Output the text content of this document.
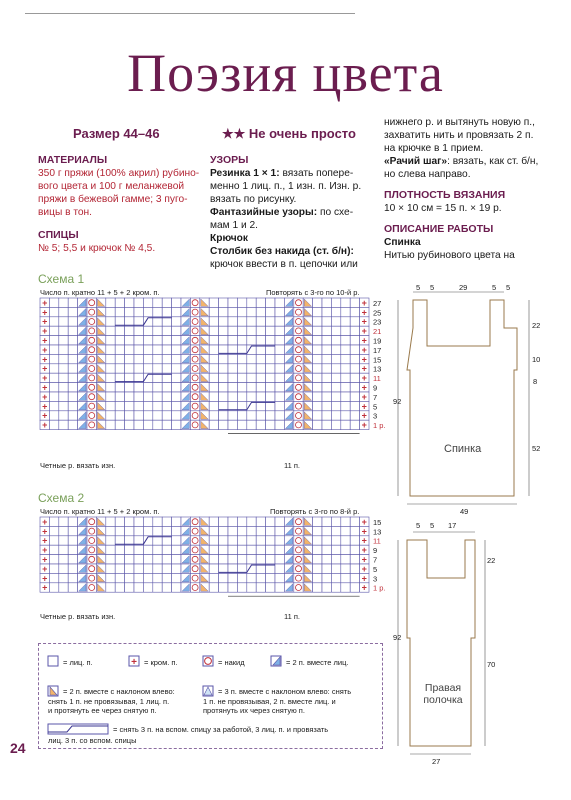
Поэзия цвета
Размер 44–46	★★ Не очень просто
МАТЕРИАЛЫ
350 г пряжи (100% акрил) рубино-
вого цвета и 100 г меланжевой
пряжи в бежевой гамме; 3 пуго-
вицы в тон.
СПИЦЫ
№ 5; 5,5 и крючок № 4,5.
УЗОРЫ
Резинка 1 × 1: вязать попере-
менно 1 лиц. п., 1 изн. п. Изн. р.
вязать по рисунку.
Фантазийные узоры: по схе-
мам 1 и 2.
Крючок
Столбик без накида (ст. б/н):
крючок ввести в п. цепочки или
нижнего р. и вытянуть новую п.,
захватить нить и провязать 2 п.
на крючке в 1 прием.
«Рачий шаг»: вязать, как ст. б/н,
но слева направо.
ПЛОТНОСТЬ ВЯЗАНИЯ
10 × 10 см = 15 п. × 19 р.
ОПИСАНИЕ РАБОТЫ
Спинка
Нитью рубинового цвета на
Схема 1
Число п. кратно 11 + 5 + 2 кром. п.	Повторять с 3-го по 10-й р.
+	+ 27
+	+ 25
+	+ 23
+	+ 21
+	+ 19
+	+ 17
+	+ 15
+	+ 13
+	+ 11
+	+ 9
+	+ 7
+	+ 5
+	+ 3
+	+ 1 р.
Четные р. вязать изн.	11 п.
Схема 2
Число п. кратно 11 + 5 + 2 кром. п.	Повторять с 3-го по 8-й р.
+	+ 15
+	+ 13
+	+ 11
+	+ 9
+	+ 7
+	+ 5
+	+ 3
+	+ 1 р.
Четные р. вязать изн.	11 п.
+
= лиц. п.	= кром. п.	= накид	= 2 п. вместе лиц.
= 2 п. вместе с наклоном влево:
снять 1 п. не провязывая, 1 лиц. п.
и протянуть ее через снятую п.
= 3 п. вместе с наклоном влево: снять
1 п. не провязывая, 2 п. вместе лиц. и
протянуть их через снятую п.
= снять 3 п. на вспом. спицу за работой, 3 лиц. п. и провязать
лиц. 3 п. со вспом. спицы
24
5 5	29	5 5
22
10
8
52
92
49
Спинка
5 5 17
22
70
92
27
Правая
полочка
